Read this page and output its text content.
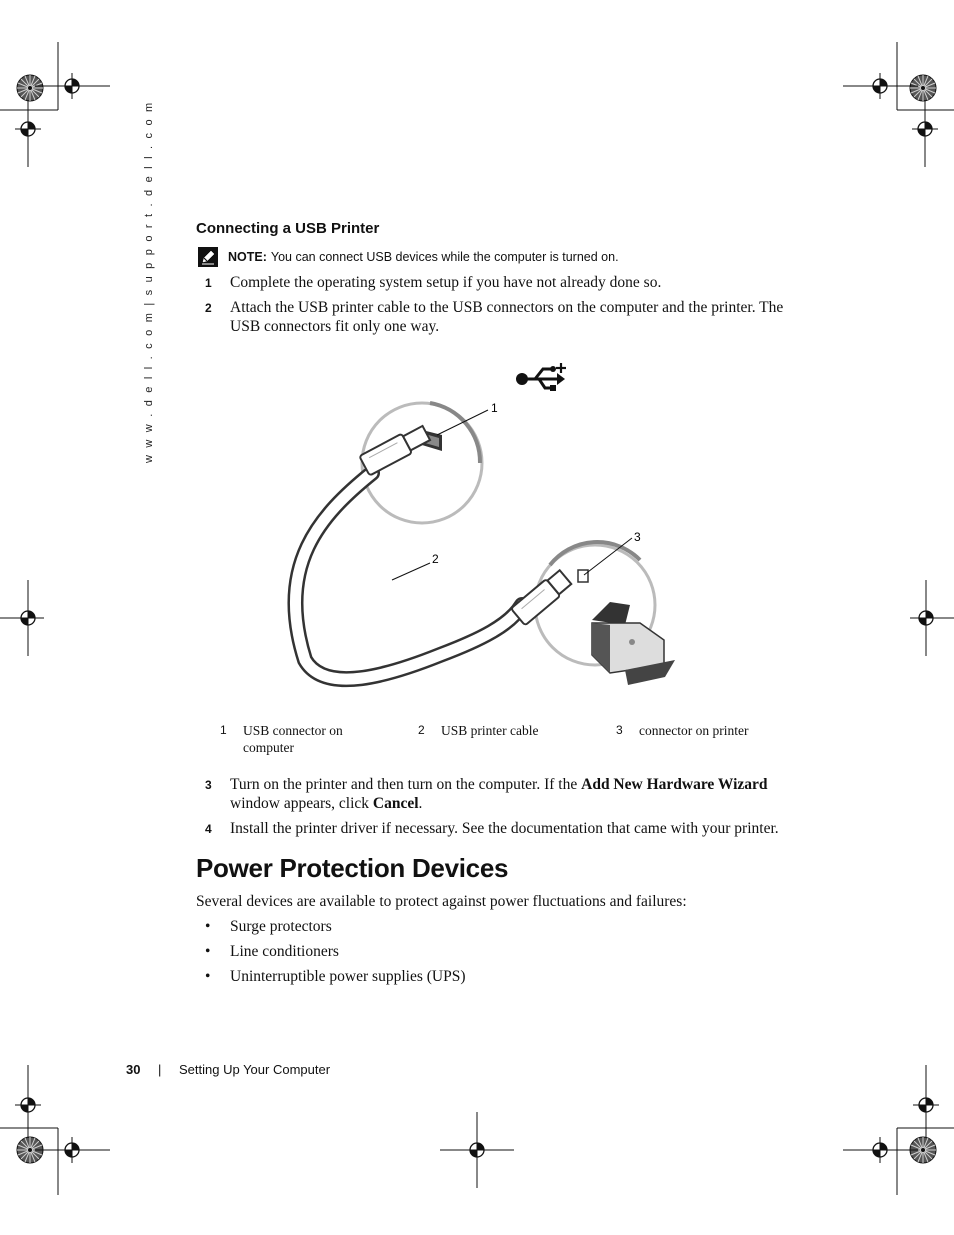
w w w . d e l l . c o m | s u p p o r t . d e l l . c o m	Connecting a USB Printer
NOTE: You can connect USB devices while the computer is turned on.
1	Complete the operating system setup if you have not already done so.
2	Attach the USB printer cable to the USB connectors on the computer and the printer. The USB connectors fit only one way.
1
2
3
1 USB connector on computer
2 USB printer cable	3 connector on printer
3	Turn on the printer and then turn on the computer. If the Add New Hardware Wizard window appears, click Cancel.
4	Install the printer driver if necessary. See the documentation that came with your printer.
Power Protection Devices
Several devices are available to protect against power fluctuations and failures:
• Surge protectors
• Line conditioners
• Uninterruptible power supplies (UPS)
30 | Setting Up Your Computer
